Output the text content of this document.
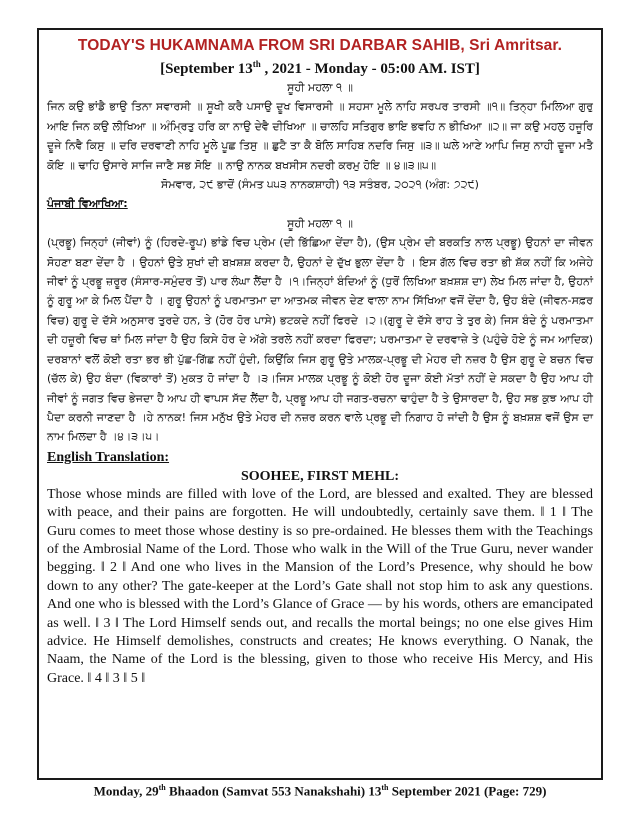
TODAY'S HUKAMNAMA FROM SRI DARBAR SAHIB, Sri Amritsar.
[September 13th , 2021 - Monday - 05:00 AM. IST]
ਸੂਹੀ ਮਹਲਾ ੧ ॥
ਜਿਨ ਕਉ ਭਾਂਡੈ ਭਾਉ ਤਿਨਾ ਸਵਾਰਸੀ ॥ ਸੂਖੀ ਕਰੈ ਪਸਾਉ ਦੂਖ ਵਿਸਾਰਸੀ ॥ ਸਹਸਾ ਮੂਲੇ ਨਾਹਿ ਸਰਪਰ ਤਾਰਸੀ ॥੧॥ ਤਿਨ੍ਹਾ ਮਿਲਿਆ ਗੁਰੁ ਆਇ ਜਿਨ ਕਉ ਲੀਖਿਆ ॥ ਅੰਮ੍ਰਿਤੁ ਹਰਿ ਕਾ ਨਾਉ ਦੇਵੈ ਦੀਖਿਆ ॥ ਚਾਲਹਿ ਸਤਿਗੁਰ ਭਾਇ ਭਵਹਿ ਨ ਭੀਖਿਆ ॥੨॥ ਜਾ ਕਉ ਮਹਲੁ ਹਜੂਰਿ ਦੂਜੇ ਨਿਵੈ ਕਿਸੁ ॥ ਦਰਿ ਦਰਵਾਣੀ ਨਾਹਿ ਮੂਲੇ ਪੂਛ ਤਿਸੁ ॥ ਛੁਟੈ ਤਾ ਕੈ ਬੋਲਿ ਸਾਹਿਬ ਨਦਰਿ ਜਿਸੁ ॥੩॥ ਘਲੇ ਆਣੇ ਆਪਿ ਜਿਸੁ ਨਾਹੀ ਦੂਜਾ ਮਤੈ ਕੋਇ ॥ ਢਾਹਿ ਉਸਾਰੇ ਸਾਜਿ ਜਾਣੈ ਸਭ ਸੋਇ ॥ ਨਾਉ ਨਾਨਕ ਬਖਸੀਸ ਨਦਰੀ ਕਰਮੁ ਹੋਇ ॥ ੪॥੩॥੫॥
ਸੋਮਵਾਰ, ੨੯ ਭਾਦੋਂ (ਸੰਮਤ ੫੫੩ ਨਾਨਕਸ਼ਾਹੀ) ੧੩ ਸਤੰਬਰ, ੨੦੨੧ (ਅੰਗ: ੭੨੯)
ਪੰਜਾਬੀ ਵਿਆਖਿਆ:
ਸੂਹੀ ਮਹਲਾ ੧ ॥
(ਪ੍ਰਭੂ) ਜਿਨ੍ਹਾਂ (ਜੀਵਾਂ) ਨੂੰ (ਹਿਰਦੇ-ਰੂਪ) ਭਾਂਡੇ ਵਿਚ ਪ੍ਰੇਮ (ਦੀ ਭਿੱਛਿਆ ਦੇਂਦਾ ਹੈ), (ਉਸ ਪ੍ਰੇਮ ਦੀ ਬਰਕਤਿ ਨਾਲ ਪ੍ਰਭੂ) ਉਹਨਾਂ ਦਾ ਜੀਵਨ ਸੋਹਣਾ ਬਣਾ ਦੇਂਦਾ ਹੈ । ਉਹਨਾਂ ਉਤੇ ਸੁਖਾਂ ਦੀ ਬਖ਼ਸ਼ਸ਼ ਕਰਦਾ ਹੈ, ਉਹਨਾਂ ਦੇ ਦੁੱਖ ਭੁਲਾ ਦੇਂਦਾ ਹੈ । ਇਸ ਗੱਲ ਵਿਚ ਰਤਾ ਭੀ ਸ਼ੱਕ ਨਹੀਂ ਕਿ ਅਜੇਹੇ ਜੀਵਾਂ ਨੂੰ ਪ੍ਰਭੂ ਜ਼ਰੂਰ (ਸੰਸਾਰ-ਸਮੁੰਦਰ ਤੋਂ) ਪਾਰ ਲੰਘਾ ਲੈਂਦਾ ਹੈ ।੧।ਜਿਨ੍ਹਾਂ ਬੰਦਿਆਂ ਨੂੰ (ਧੁਰੋਂ ਲਿਖਿਆ ਬਖ਼ਸ਼ਸ਼ ਦਾ) ਲੇਖ ਮਿਲ ਜਾਂਦਾ ਹੈ, ਉਹਨਾਂ ਨੂੰ ਗੁਰੂ ਆ ਕੇ ਮਿਲ ਪੈਂਦਾ ਹੈ । ਗੁਰੂ ਉਹਨਾਂ ਨੂੰ ਪਰਮਾਤਮਾ ਦਾ ਆਤਮਕ ਜੀਵਨ ਦੇਣ ਵਾਲਾ ਨਾਮ ਸਿੱਖਿਆ ਵਜੋਂ ਦੇਂਦਾ ਹੈ, ਉਹ ਬੰਦੇ (ਜੀਵਨ-ਸਫ਼ਰ ਵਿਚ) ਗੁਰੂ ਦੇ ਦੱਸੇ ਅਨੁਸਾਰ ਤੁਰਦੇ ਹਨ, ਤੇ (ਹੋਰ ਹੋਰ ਪਾਸੇ) ਭਟਕਦੇ ਨਹੀਂ ਫਿਰਦੇ ।੨।(ਗੁਰੂ ਦੇ ਦੱਸੇ ਰਾਹ ਤੇ ਤੁਰ ਕੇ) ਜਿਸ ਬੰਦੇ ਨੂੰ ਪਰਮਾਤਮਾ ਦੀ ਹਜ਼ੂਰੀ ਵਿਚ ਥਾਂ ਮਿਲ ਜਾਂਦਾ ਹੈ ਉਹ ਕਿਸੇ ਹੋਰ ਦੇ ਅੱਗੇ ਤਰਲੇ ਨਹੀਂ ਕਰਦਾ ਫਿਰਦਾ; ਪਰਮਾਤਮਾ ਦੇ ਦਰਵਾਜ਼ੇ ਤੇ (ਪਹੁੰਚੇ ਹੋਏ ਨੂੰ ਜਮ ਆਦਿਕ) ਦਰਬਾਨਾਂ ਵਲੋਂ ਕੋਈ ਰਤਾ ਭਰ ਭੀ ਪੁੱਛ-ਗਿੱਛ ਨਹੀਂ ਹੁੰਦੀ, ਕਿਉਂਕਿ ਜਿਸ ਗੁਰੂ ਉਤੇ ਮਾਲਕ-ਪ੍ਰਭੂ ਦੀ ਮੇਹਰ ਦੀ ਨਜ਼ਰ ਹੈ ਉਸ ਗੁਰੂ ਦੇ ਬਚਨ ਵਿਚ (ਚੱਲ ਕੇ) ਉਹ ਬੰਦਾ (ਵਿਕਾਰਾਂ ਤੋਂ) ਮੁਕਤ ਹੋ ਜਾਂਦਾ ਹੈ ।੩।ਜਿਸ ਮਾਲਕ ਪ੍ਰਭੂ ਨੂੰ ਕੋਈ ਹੋਰ ਦੂਜਾ ਕੋਈ ਮੱਤਾਂ ਨਹੀਂ ਦੇ ਸਕਦਾ ਹੈ ਉਹ ਆਪ ਹੀ ਜੀਵਾਂ ਨੂੰ ਜਗਤ ਵਿਚ ਭੇਜਦਾ ਹੈ ਆਪ ਹੀ ਵਾਪਸ ਸੱਦ ਲੈਂਦਾ ਹੈ, ਪ੍ਰਭੂ ਆਪ ਹੀ ਜਗਤ-ਰਚਨਾ ਢਾਹੁੰਦਾ ਹੈ ਤੇ ਉਸਾਰਦਾ ਹੈ, ਉਹ ਸਭ ਕੁਝ ਆਪ ਹੀ ਪੈਦਾ ਕਰਨੀ ਜਾਣਦਾ ਹੈ ।ਹੇ ਨਾਨਕ! ਜਿਸ ਮਨੁੱਖ ਉਤੇ ਮੇਹਰ ਦੀ ਨਜ਼ਰ ਕਰਨ ਵਾਲੇ ਪ੍ਰਭੂ ਦੀ ਨਿਗਾਹ ਹੋ ਜਾਂਦੀ ਹੈ ਉਸ ਨੂੰ ਬਖ਼ਸ਼ਸ਼ ਵਜੋਂ ਉਸ ਦਾ ਨਾਮ ਮਿਲਦਾ ਹੈ ।੪।੩।੫।
English Translation:
SOOHEE, FIRST MEHL:
Those whose minds are filled with love of the Lord, are blessed and exalted. They are blessed with peace, and their pains are forgotten. He will undoubtedly, certainly save them. ‖ 1 ‖ The Guru comes to meet those whose destiny is so pre-ordained. He blesses them with the Teachings of the Ambrosial Name of the Lord. Those who walk in the Will of the True Guru, never wander begging. ‖ 2 ‖ And one who lives in the Mansion of the Lord’s Presence, why should he bow down to any other? The gate-keeper at the Lord’s Gate shall not stop him to ask any questions. And one who is blessed with the Lord’s Glance of Grace — by his words, others are emancipated as well. ‖ 3 ‖ The Lord Himself sends out, and recalls the mortal beings; no one else gives Him advice. He Himself demolishes, constructs and creates; He knows everything. O Nanak, the Naam, the Name of the Lord is the blessing, given to those who receive His Mercy, and His Grace. ‖ 4 ‖ 3 ‖ 5 ‖
Monday, 29th Bhaadon (Samvat 553 Nanakshahi) 13th September 2021 (Page: 729)
